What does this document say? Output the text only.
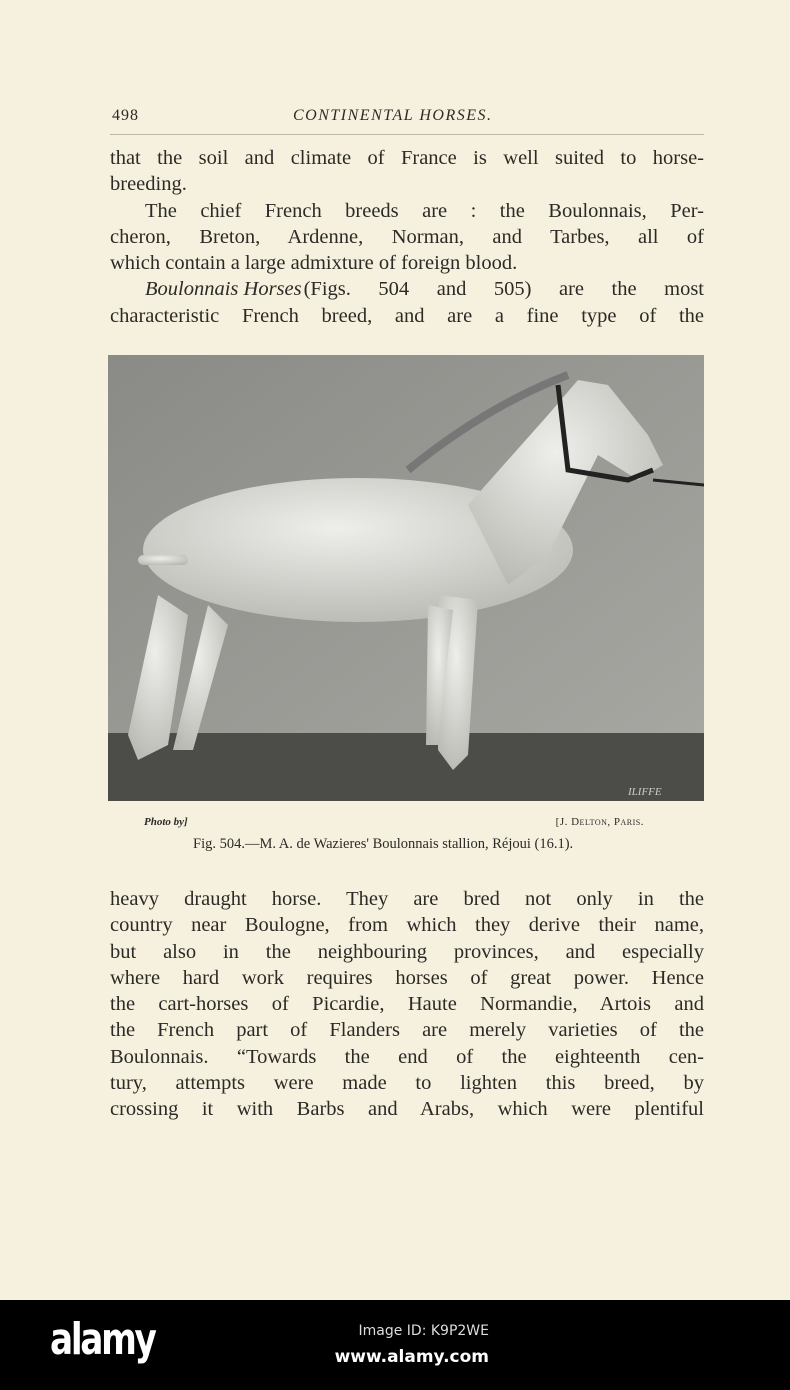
498	CONTINENTAL HORSES.
that the soil and climate of France is well suited to horse-
breeding.
The chief French breeds are : the Boulonnais, Per-
cheron, Breton, Ardenne, Norman, and Tarbes, all of
which contain a large admixture of foreign blood.
Boulonnais Horses (Figs. 504 and 505) are the most
characteristic French breed, and are a fine type of the
ILIFFE
Photo by]	[J. Delton, Paris.
Fig. 504.—M. A. de Wazieres' Boulonnais stallion, Réjoui (16.1).
heavy draught horse. They are bred not only in the
country near Boulogne, from which they derive their name,
but also in the neighbouring provinces, and especially
where hard work requires horses of great power. Hence
the cart-horses of Picardie, Haute Normandie, Artois and
the French part of Flanders are merely varieties of the
Boulonnais. “Towards the end of the eighteenth cen-
tury, attempts were made to lighten this breed, by
crossing it with Barbs and Arabs, which were plentiful
alamy	Image ID: K9P2WE
www.alamy.com
